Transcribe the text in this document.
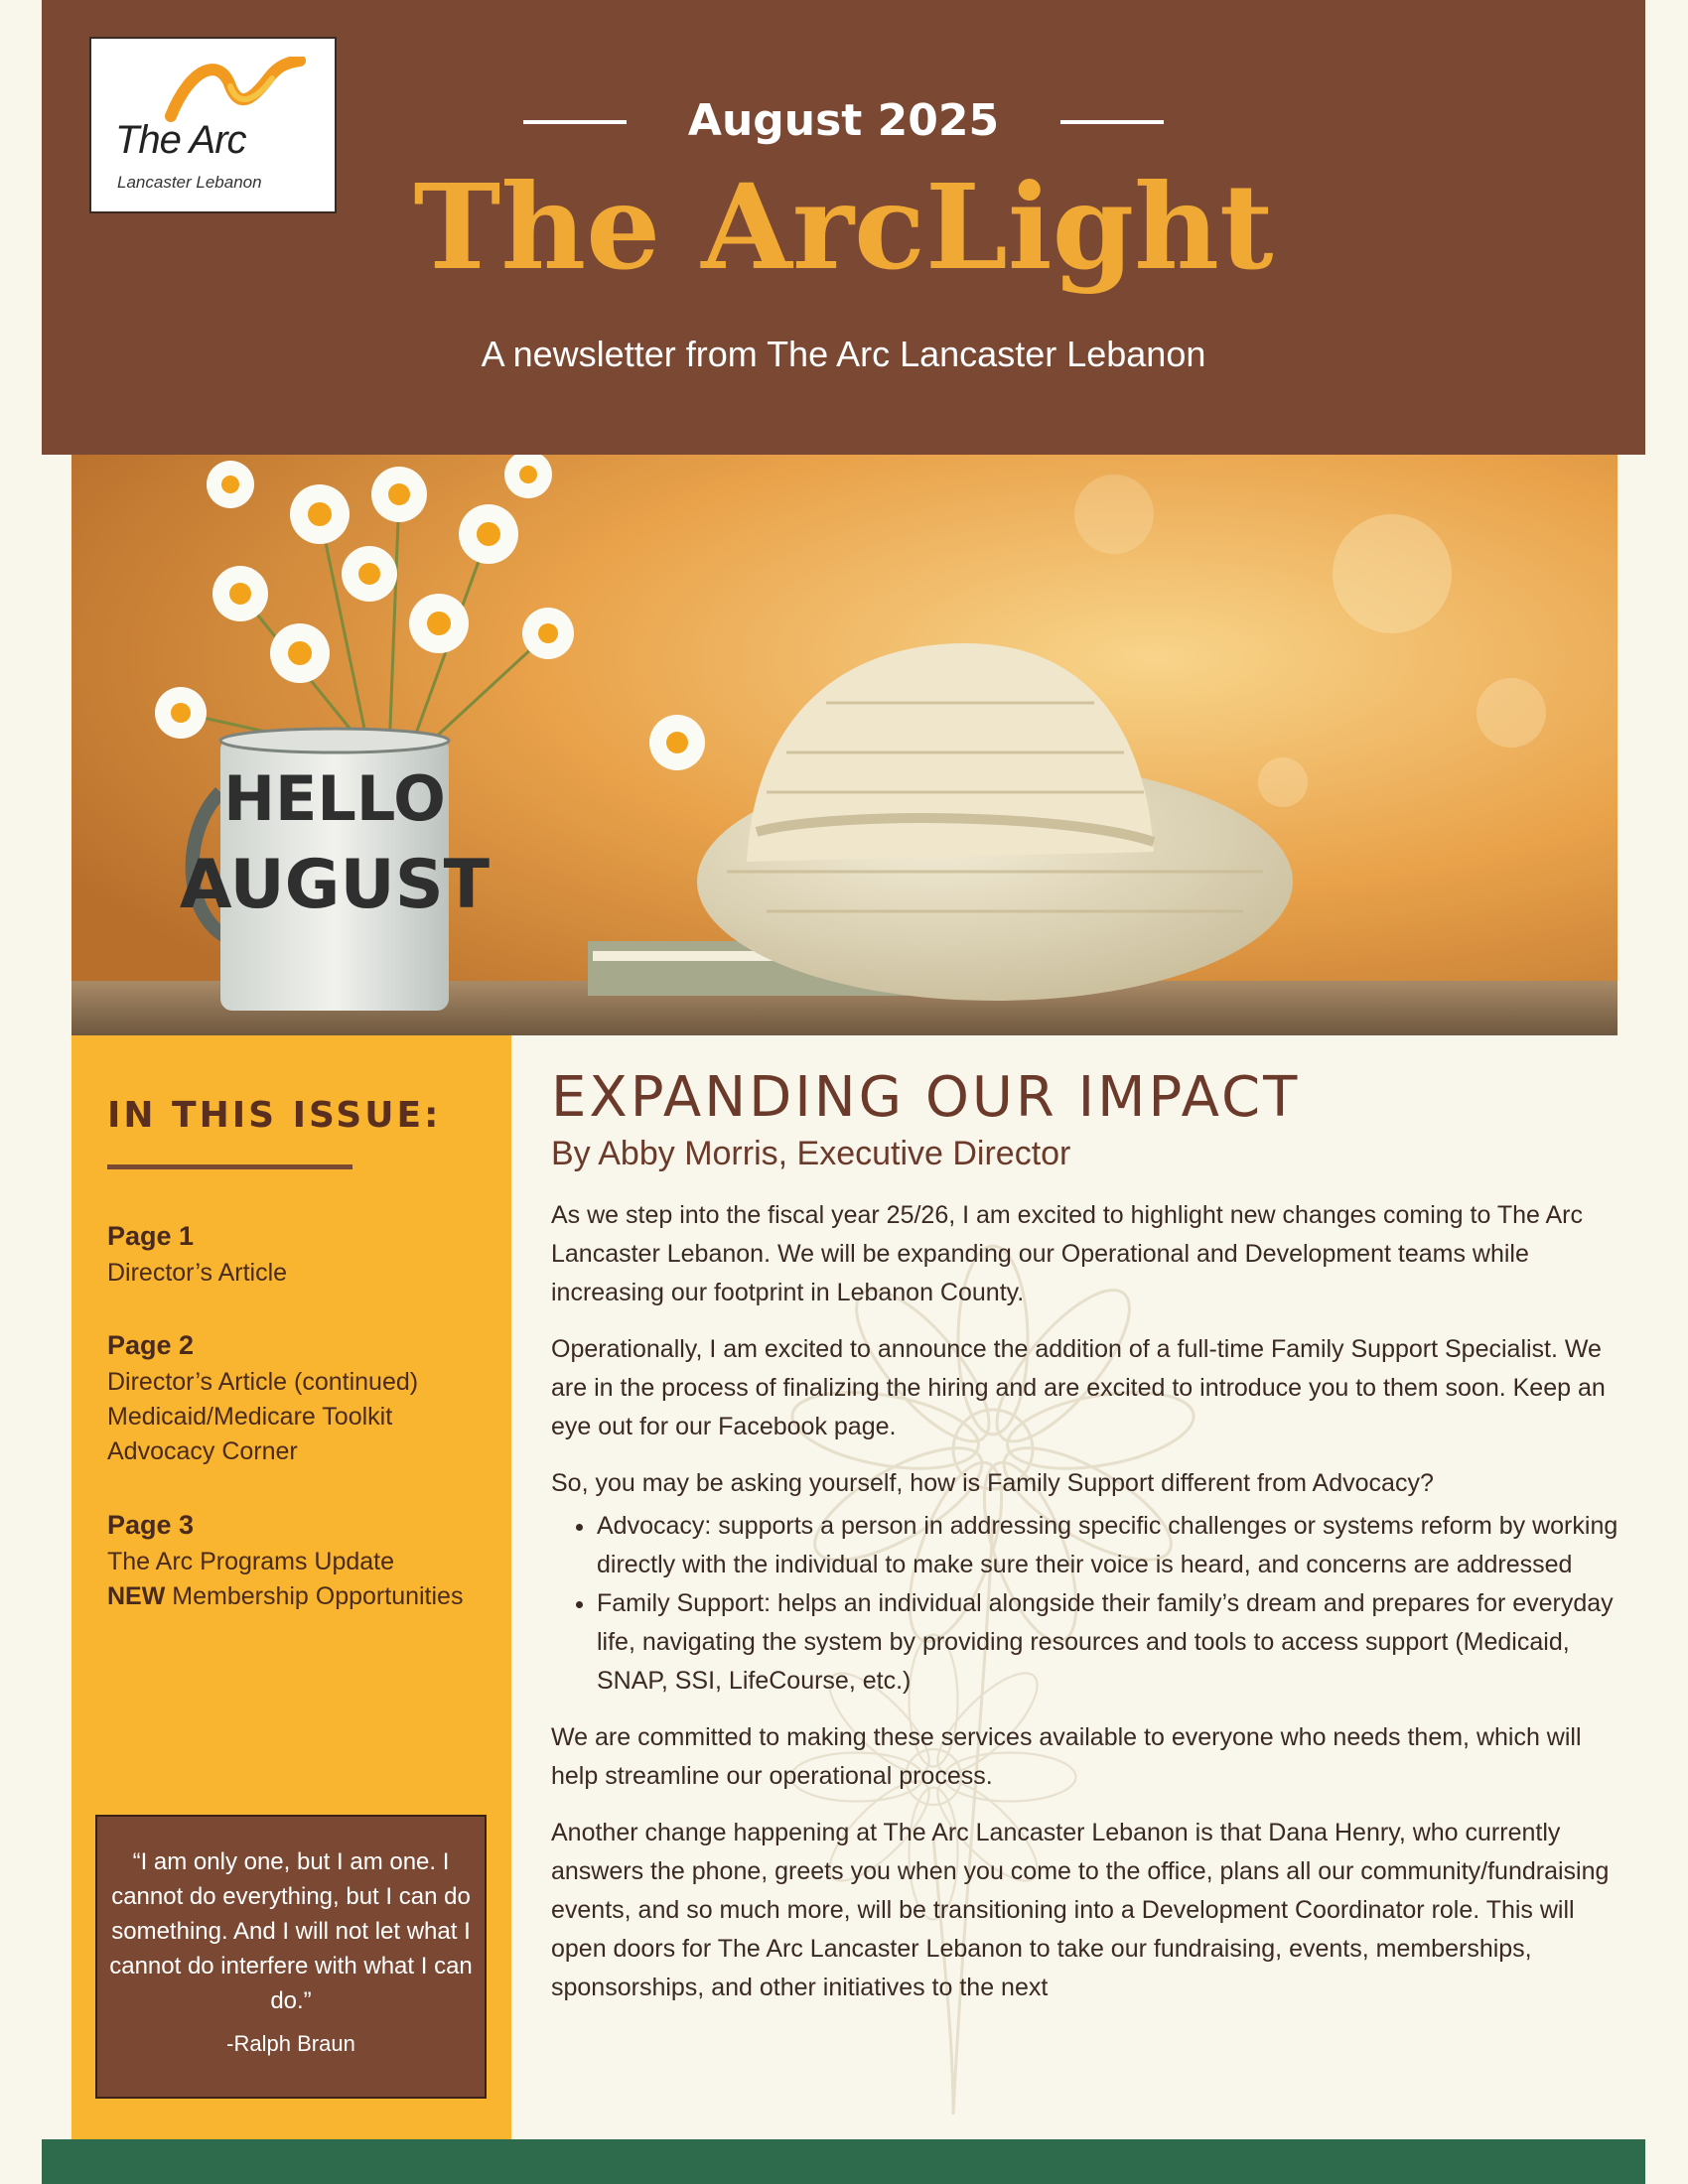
The Arc
Lancaster Lebanon
August 2025
The ArcLight
A newsletter from The Arc Lancaster Lebanon
HELLO
AUGUST
IN THIS ISSUE:
Page 1
Director’s Article
Page 2
Director’s Article (continued)
Medicaid/Medicare Toolkit
Advocacy Corner
Page 3
The Arc Programs Update
NEW Membership Opportunities
“I am only one, but I am one. I cannot do everything, but I can do something. And I will not let what I cannot do interfere with what I can do.”
-Ralph Braun
EXPANDING OUR IMPACT
By Abby Morris, Executive Director

As we step into the fiscal year 25/26, I am excited to highlight new changes coming to The Arc Lancaster Lebanon. We will be expanding our Operational and Development teams while increasing our footprint in Lebanon County.

Operationally, I am excited to announce the addition of a full-time Family Support Specialist. We are in the process of finalizing the hiring and are excited to introduce you to them soon. Keep an eye out for our Facebook page.

So, you may be asking yourself, how is Family Support different from Advocacy?

• Advocacy: supports a person in addressing specific challenges or systems reform by working directly with the individual to make sure their voice is heard, and concerns are addressed
• Family Support: helps an individual alongside their family’s dream and prepares for everyday life, navigating the system by providing resources and tools to access support (Medicaid, SNAP, SSI, LifeCourse, etc.)

We are committed to making these services available to everyone who needs them, which will help streamline our operational process.

Another change happening at The Arc Lancaster Lebanon is that Dana Henry, who currently answers the phone, greets you when you come to the office, plans all our community/fundraising events, and so much more, will be transitioning into a Development Coordinator role. This will open doors for The Arc Lancaster Lebanon to take our fundraising, events, memberships, sponsorships, and other initiatives to the next
